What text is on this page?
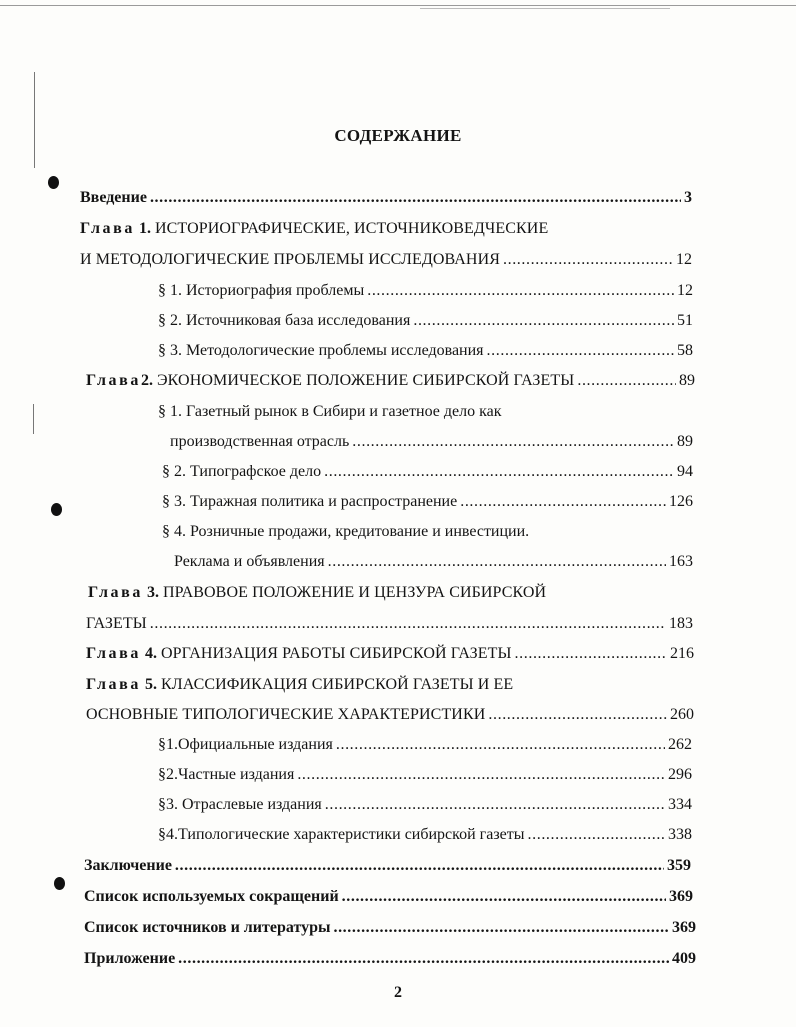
СОДЕРЖАНИЕ
Введение .....	3
Глава 1. ИСТОРИОГРАФИЧЕСКИЕ, ИСТОЧНИКОВЕДЧЕСКИЕ
И МЕТОДОЛОГИЧЕСКИЕ ПРОБЛЕМЫ ИССЛЕДОВАНИЯ .....	12
§ 1. Историография проблемы .....	12
§ 2. Источниковая база исследования .....	51
§ 3. Методологические проблемы исследования .....	58
Глава2. ЭКОНОМИЧЕСКОЕ ПОЛОЖЕНИЕ СИБИРСКОЙ ГАЗЕТЫ .....	89
§ 1. Газетный рынок в Сибири и газетное дело как
производственная отрасль .....	89
§ 2. Типографское дело .....	94
§ 3. Тиражная политика и распространение .....	126
§ 4. Розничные продажи, кредитование и инвестиции.
Реклама и объявления .....	163
Глава 3. ПРАВОВОЕ ПОЛОЖЕНИЕ И ЦЕНЗУРА СИБИРСКОЙ
ГАЗЕТЫ .....	183
Глава 4. ОРГАНИЗАЦИЯ РАБОТЫ СИБИРСКОЙ ГАЗЕТЫ .....	216
Глава 5. КЛАССИФИКАЦИЯ СИБИРСКОЙ ГАЗЕТЫ И ЕЕ
ОСНОВНЫЕ ТИПОЛОГИЧЕСКИЕ ХАРАКТЕРИСТИКИ .....	260
§1.Официальные издания .....	262
§2.Частные издания .....	296
§3. Отраслевые издания .....	334
§4.Типологические характеристики сибирской газеты .....	338
Заключение .....	359
Список используемых сокращений .....	369
Список источников и литературы .....	369
Приложение .....	409
2
